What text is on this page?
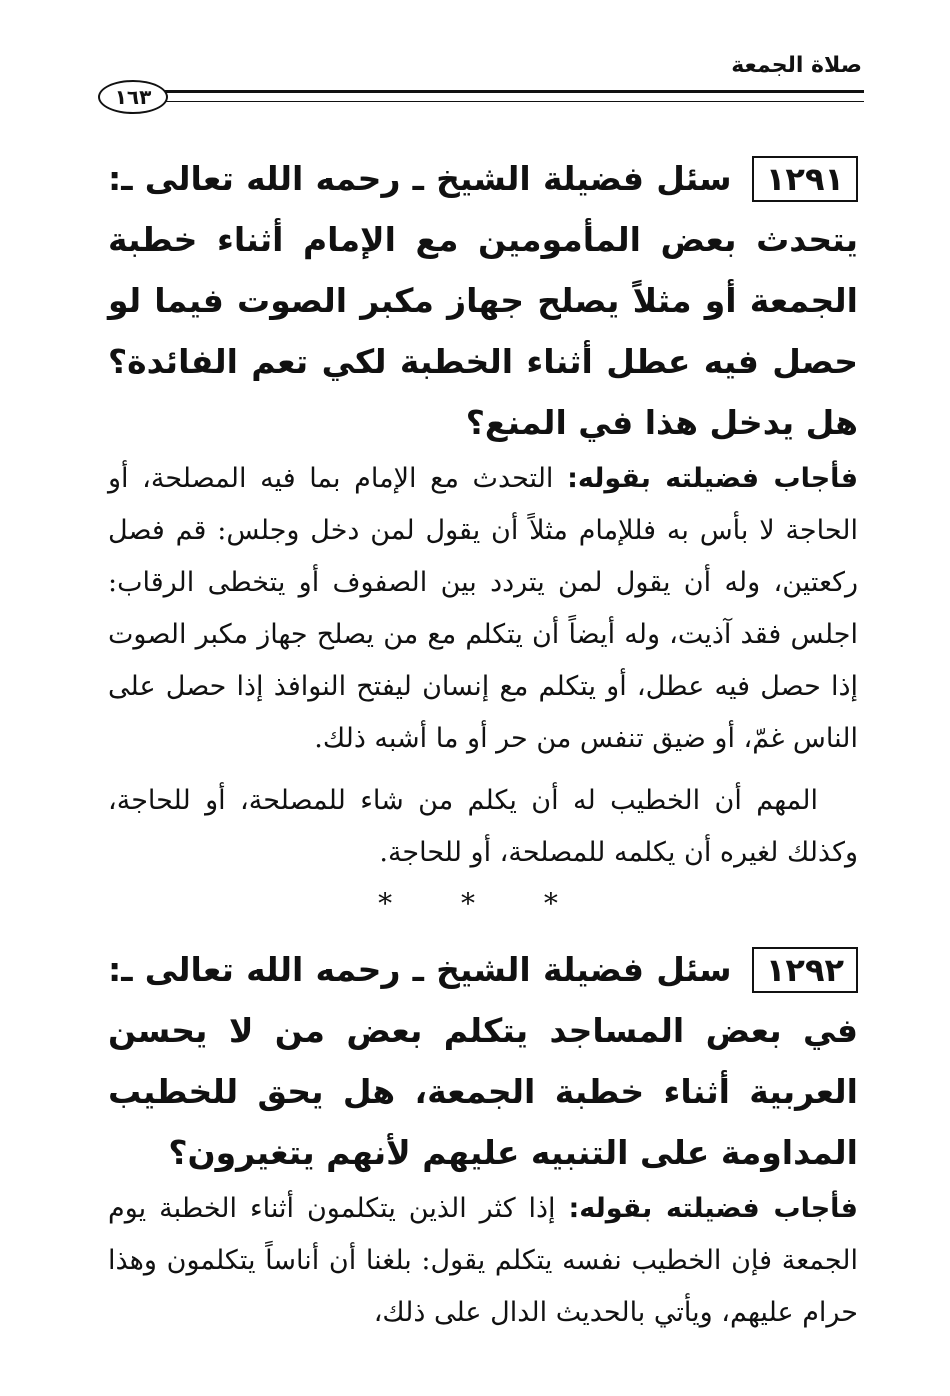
صلاة الجمعة
١٦٣

١٢٩١ سئل فضيلة الشيخ ـ رحمه الله تعالى ـ: يتحدث بعض المأمومين مع الإمام أثناء خطبة الجمعة أو مثلاً يصلح جهاز مكبر الصوت فيما لو حصل فيه عطل أثناء الخطبة لكي تعم الفائدة؟ هل يدخل هذا في المنع؟

فأجاب فضيلته بقوله: التحدث مع الإمام بما فيه المصلحة، أو الحاجة لا بأس به فللإمام مثلاً أن يقول لمن دخل وجلس: قم فصل ركعتين، وله أن يقول لمن يتردد بين الصفوف أو يتخطى الرقاب: اجلس فقد آذيت، وله أيضاً أن يتكلم مع من يصلح جهاز مكبر الصوت إذا حصل فيه عطل، أو يتكلم مع إنسان ليفتح النوافذ إذا حصل على الناس غمّ، أو ضيق تنفس من حر أو ما أشبه ذلك.

المهم أن الخطيب له أن يكلم من شاء للمصلحة، أو للحاجة، وكذلك لغيره أن يكلمه للمصلحة، أو للحاجة.

* * *

١٢٩٢ سئل فضيلة الشيخ ـ رحمه الله تعالى ـ: في بعض المساجد يتكلم بعض من لا يحسن العربية أثناء خطبة الجمعة، هل يحق للخطيب المداومة على التنبيه عليهم لأنهم يتغيرون؟

فأجاب فضيلته بقوله: إذا كثر الذين يتكلمون أثناء الخطبة يوم الجمعة فإن الخطيب نفسه يتكلم يقول: بلغنا أن أناساً يتكلمون وهذا حرام عليهم، ويأتي بالحديث الدال على ذلك،
